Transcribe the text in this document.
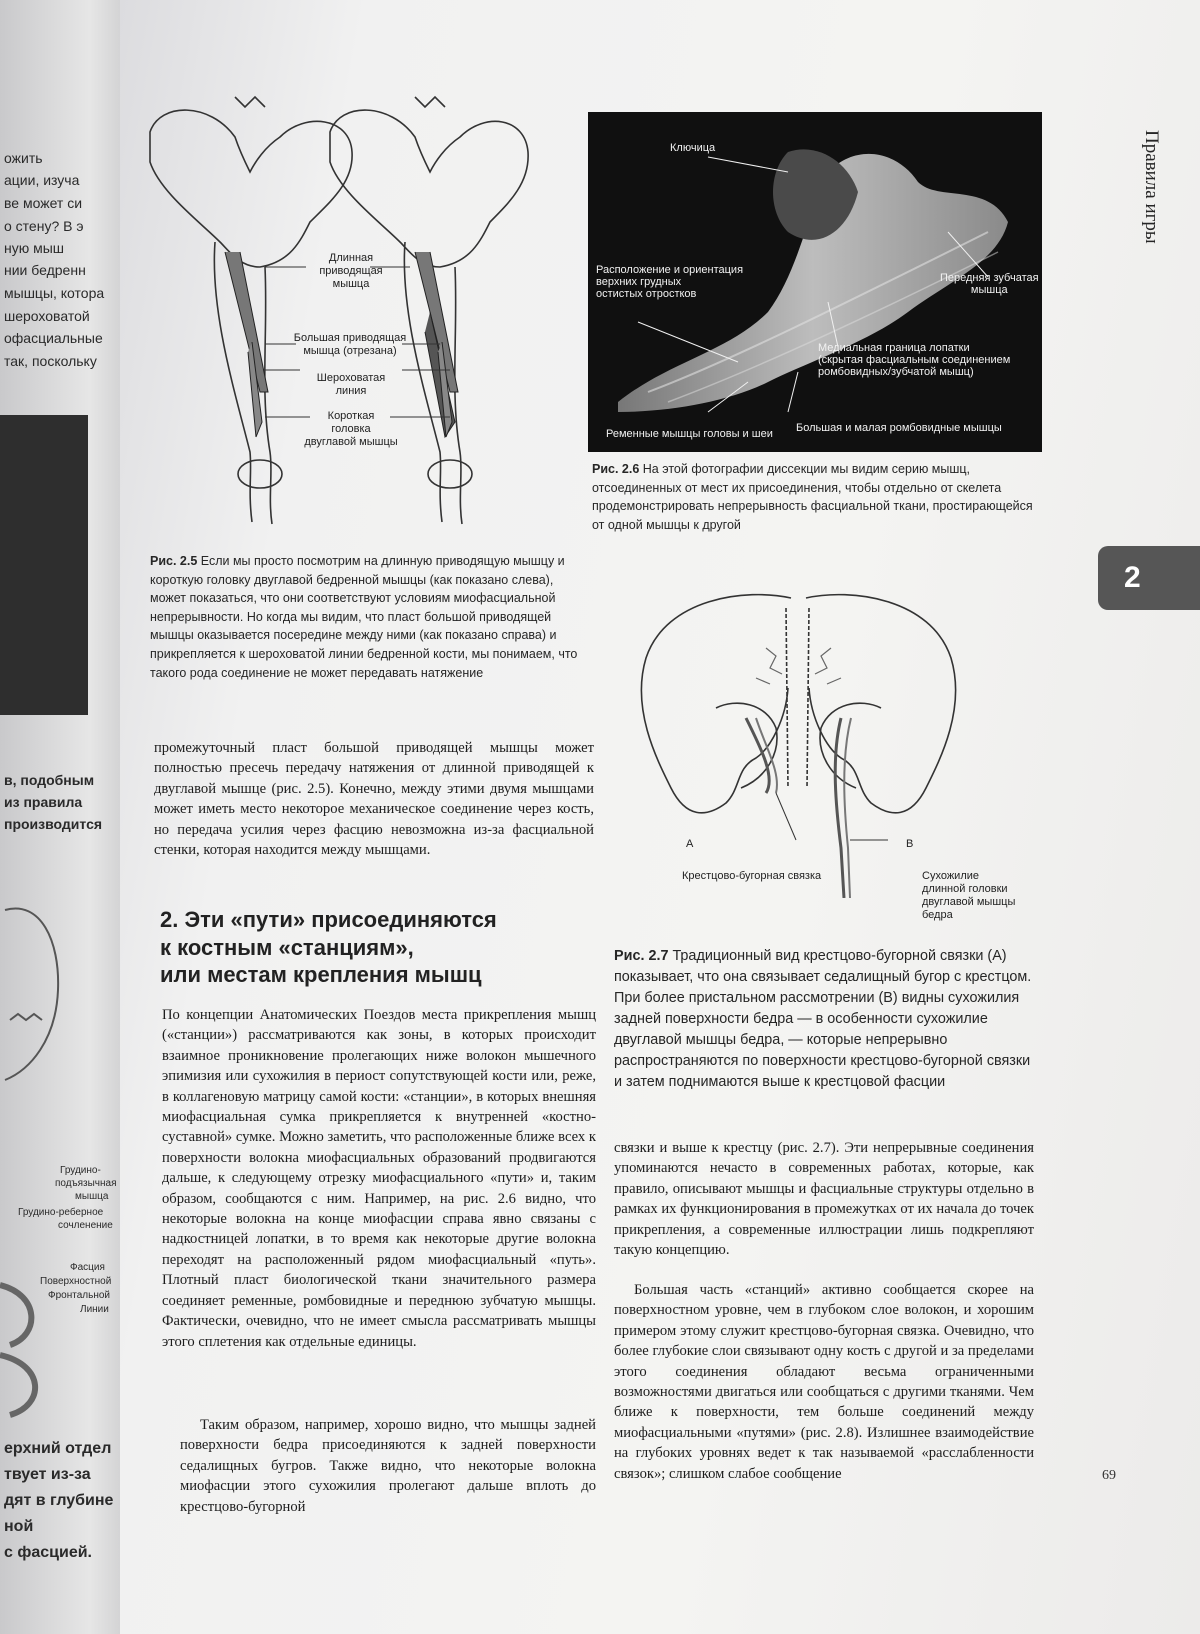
ожить
ации, изуча
ве может си
о стену? В э
ную мыш
нии бедренн
мышцы, котора
шероховатой
офасциальные
так, поскольку
в, подобным
из правила
производится
Грудино-
подъязычная
мышца
Грудино-реберное
сочленение
Фасция
Поверхностной
Фронтальной
Линии
ерхний отдел
твует из-за
дят в глубине
ной
с фасцией.
Длинная
приводящая
мышца
Большая приводящая
мышца (отрезана)
Шероховатая
линия
Короткая
головка
двуглавой мышцы
Рис. 2.5 Если мы просто посмотрим на длинную приводящую мышцу и короткую головку двуглавой бедренной мышцы (как показано слева), может показаться, что они соответствуют условиям миофасциальной непрерывности. Но когда мы видим, что пласт большой приводящей мышцы оказывается посередине между ними (как показано справа) и прикрепляется к шероховатой линии бедренной кости, мы понимаем, что такого рода соединение не может передавать натяжение
Ключица
Расположение и ориентация
верхних грудных
остистых отростков
Передняя зубчатая
мышца
Медиальная граница лопатки
(скрытая фасциальным соединением
ромбовидных/зубчатой мышц)
Ременные мышцы головы и шеи Большая и малая ромбовидные мышцы
Рис. 2.6 На этой фотографии диссекции мы видим серию мышц, отсоединенных от мест их присоединения, чтобы отдельно от скелета продемонстрировать непрерывность фасциальной ткани, простирающейся от одной мышцы к другой
A	B
Крестцово-бугорная связка	Сухожилие
длинной головки
двуглавой мышцы
бедра
Рис. 2.7 Традиционный вид крестцово-бугорной связки (A) показывает, что она связывает седалищный бугор с крестцом. При более пристальном рассмотрении (B) видны сухожилия задней поверхности бедра — в особенности сухожилие двуглавой мышцы бедра, — которые непрерывно распространяются по поверхности крестцово-бугорной связки и затем поднимаются выше к крестцовой фасции
промежуточный пласт большой приводящей мышцы может полностью пресечь передачу натяжения от длинной приводящей к двуглавой мышце (рис. 2.5). Конечно, между этими двумя мышцами может иметь место некоторое механическое соединение через кость, но передача усилия через фасцию невозможна из-за фасциальной стенки, которая находится между мышцами.
2. Эти «пути» присоединяются
к костным «станциям»,
или местам крепления мышц
По концепции Анатомических Поездов места прикрепления мышц («станции») рассматриваются как зоны, в которых происходит взаимное проникновение пролегающих ниже волокон мышечного эпимизия или сухожилия в периост сопутствующей кости или, реже, в коллагеновую матрицу самой кости: «станции», в которых внешняя миофасциальная сумка прикрепляется к внутренней «костно-суставной» сумке. Можно заметить, что расположенные ближе всех к поверхности волокна миофасциальных образований продвигаются дальше, к следующему отрезку миофасциального «пути» и, таким образом, сообщаются с ним. Например, на рис. 2.6 видно, что некоторые волокна на конце миофасции справа явно связаны с надкостницей лопатки, в то время как некоторые другие волокна переходят на расположенный рядом миофасциальный «путь». Плотный пласт биологической ткани значительного размера соединяет ременные, ромбовидные и переднюю зубчатую мышцы. Фактически, очевидно, что не имеет смысла рассматривать мышцы этого сплетения как отдельные единицы.
Таким образом, например, хорошо видно, что мышцы задней поверхности бедра присоединяются к задней поверхности седалищных бугров. Также видно, что некоторые волокна миофасции этого сухожилия пролегают дальше вплоть до крестцово-бугорной
связки и выше к крестцу (рис. 2.7). Эти непрерывные соединения упоминаются нечасто в современных работах, которые, как правило, описывают мышцы и фасциальные структуры отдельно в рамках их функционирования в промежутках от их начала до точек прикрепления, а современные иллюстрации лишь подкрепляют такую концепцию.
Большая часть «станций» активно сообщается скорее на поверхностном уровне, чем в глубоком слое волокон, и хорошим примером этому служит крестцово-бугорная связка. Очевидно, что более глубокие слои связывают одну кость с другой и за пределами этого соединения обладают весьма ограниченными возможностями двигаться или сообщаться с другими тканями. Чем ближе к поверхности, тем больше соединений между миофасциальными «путями» (рис. 2.8). Излишнее взаимодействие на глубоких уровнях ведет к так называемой «расслабленности связок»; слишком слабое сообщение
Правила игры
2
69
